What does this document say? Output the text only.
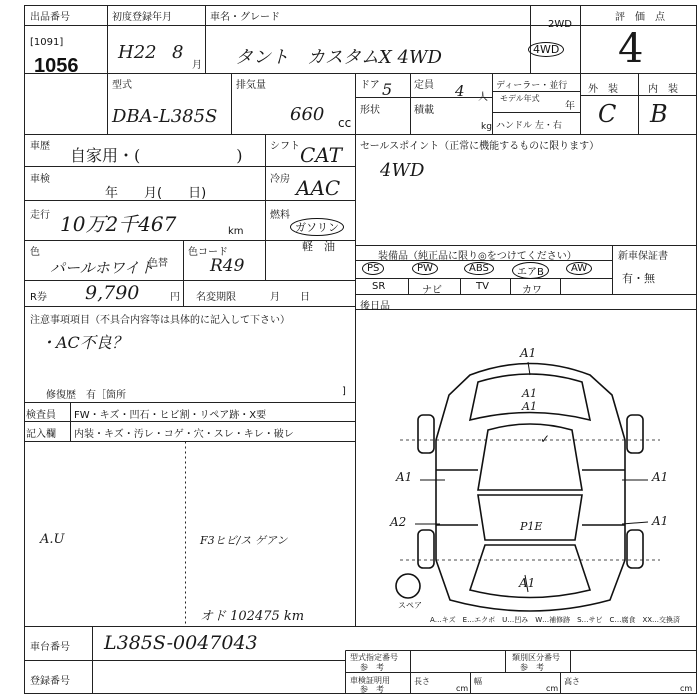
出品番号
[1091]
1056
初度登録年月
H22 8
月
車名・グレード
タント　カスタムX 4WD
2WD
4WD
評　価　点
4
型式
DBA-L385S
排気量
660 cc
ドア 5 定員 4 人
形状	積載
kg
ディーラー・並行
モデル年式
年
ハンドル 左・右
外　装	内　装
C B
車歴 自家用・(　　　　　　)	シフト CAT
車検
年　　月(　　日)
冷房 AAC
走行 10万2千467	km
燃料
ガソリン
軽　油
色
パールホワイト
色替
色コード
R49
R券 9,790	円 名変期限	月　　日
セールスポイント（正常に機能するものに限ります）
4WD
装備品（純正品に限り◎をつけてください）	新車保証書
有・無
PS	PW	ABS	エアB	AW
SR	ナビ	TV	カワ
後日品
注意事項項目（不具合内容等は具体的に記入して下さい）
・AC不良？
修復歴　有［箇所	]
検査員
記入欄
FW・キズ・凹石・ヒビ割・リペア跡・X要
内装・キズ・汚レ・コゲ・穴・スレ・キレ・破レ
A.U	F3ヒビ/ス ゲアン
オド 102475 km
A1
A1
A1
A1	A1
A2	A1
P1E
A1
✓
スペア
A…キズ　E…エクボ　U…凹み　W…補修跡　S…サビ　C…腐食　XX…交換済
車台番号 L385S-0047043
登録番号
型式指定番号
参　考
類別区分番号
参　考
車検証明用
参　考
長さ
cm
幅
cm
高さ
cm
